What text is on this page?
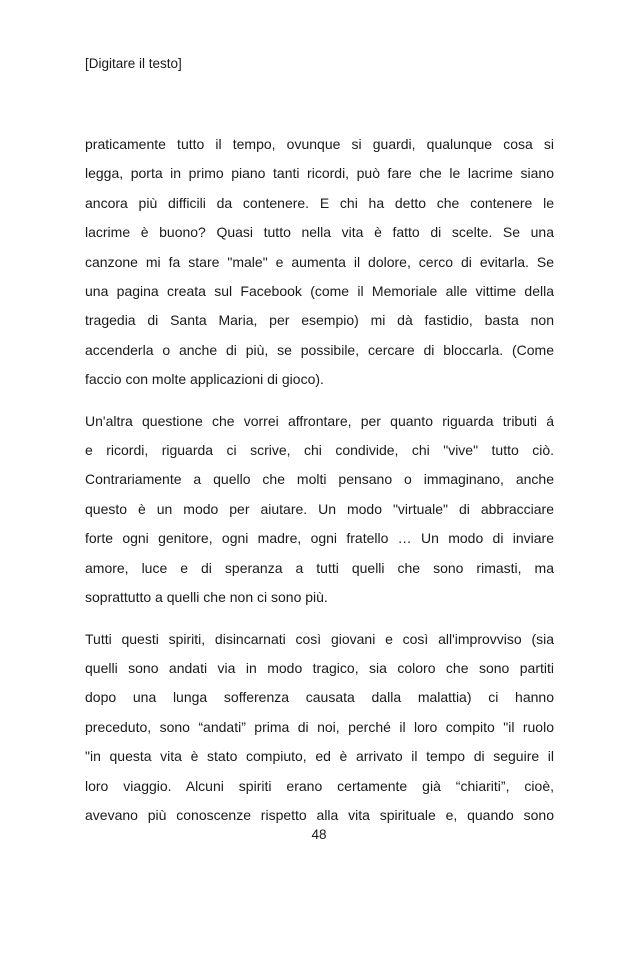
[Digitare il testo]
praticamente tutto il tempo, ovunque si guardi, qualunque cosa si
legga, porta in primo piano tanti ricordi, può fare che le lacrime siano
ancora più difficili da contenere. E chi ha detto che contenere le
lacrime è buono? Quasi tutto nella vita è fatto di scelte. Se una
canzone mi fa stare "male" e aumenta il dolore, cerco di evitarla. Se
una pagina creata sul Facebook (come il Memoriale alle vittime della
tragedia di Santa Maria, per esempio) mi dà fastidio, basta non
accenderla o anche di più, se possibile, cercare di bloccarla. (Come
faccio con molte applicazioni di gioco).
Un'altra questione che vorrei affrontare, per quanto riguarda tributi á
e ricordi, riguarda ci scrive, chi condivide, chi "vive" tutto ciò.
Contrariamente a quello che molti pensano o immaginano, anche
questo è un modo per aiutare. Un modo "virtuale" di abbracciare
forte ogni genitore, ogni madre, ogni fratello … Un modo di inviare
amore, luce e di speranza a tutti quelli che sono rimasti, ma
soprattutto a quelli che non ci sono più.
Tutti questi spiriti, disincarnati così giovani e così all'improvviso (sia
quelli sono andati via in modo tragico, sia coloro che sono partiti
dopo una lunga sofferenza causata dalla malattia) ci hanno
preceduto, sono “andati” prima di noi, perché il loro compito "il ruolo
"in questa vita è stato compiuto, ed è arrivato il tempo di seguire il
loro viaggio. Alcuni spiriti erano certamente già “chiariti”, cioè,
avevano più conoscenze rispetto alla vita spirituale e, quando sono
48
